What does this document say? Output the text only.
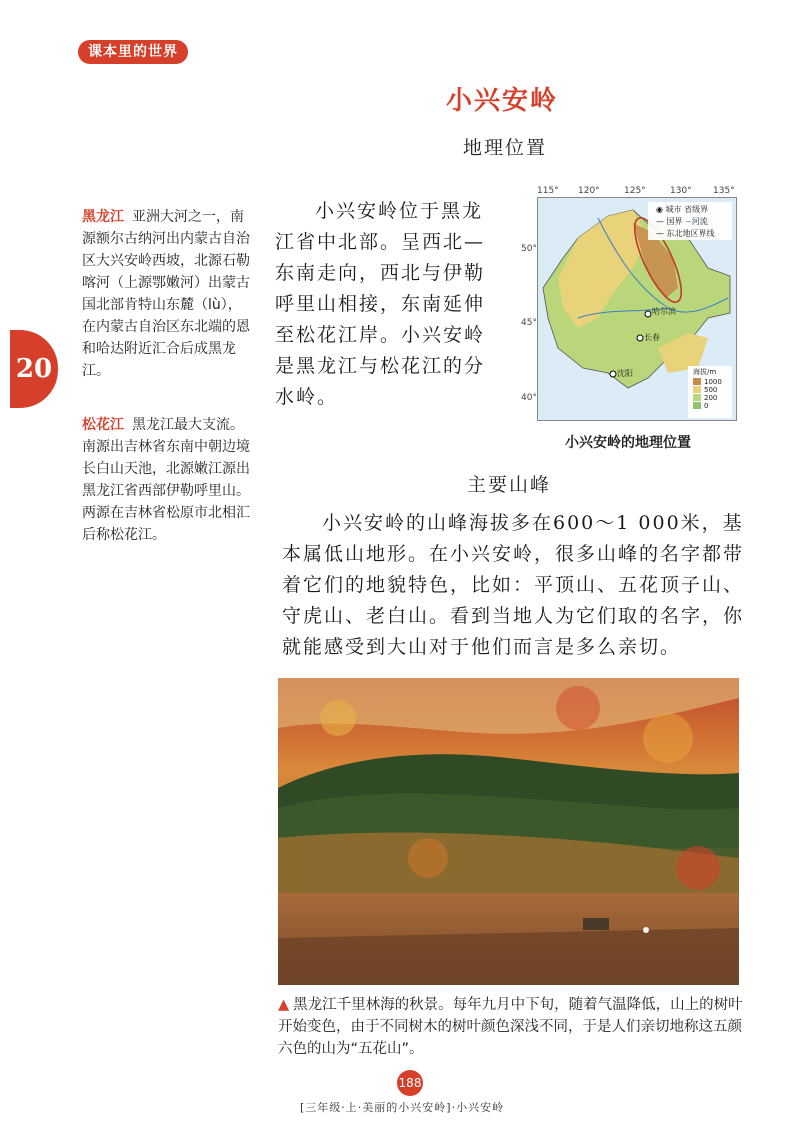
课本里的世界
小兴安岭
地理位置
20
黑龙江 亚洲大河之一，南源额尔古纳河出内蒙古自治区大兴安岭西坡，北源石勒喀河（上源鄂嫩河）出蒙古国北部肯特山东麓（lù），在内蒙古自治区东北端的恩和哈达附近汇合后成黑龙江。
松花江 黑龙江最大支流。南源出吉林省东南中朝边境长白山天池，北源嫩江源出黑龙江省西部伊勒呼里山。两源在吉林省松原市北相汇后称松花江。
小兴安岭位于黑龙江省中北部。呈西北—东南走向，西北与伊勒呼里山相接，东南延伸至松花江岸。小兴安岭是黑龙江与松花江的分水岭。
115° 120°	125°	130° 135°
50°
45°
40°
◉ 城市 省级界
— 国界 ~河流
— 东北地区界线
哈尔滨
长春
沈阳	海拔/m
1000
500
200
0
小兴安岭的地理位置
主要山峰
小兴安岭的山峰海拔多在600～1 000米，基本属低山地形。在小兴安岭，很多山峰的名字都带着它们的地貌特色，比如：平顶山、五花顶子山、守虎山、老白山。看到当地人为它们取的名字，你就能感受到大山对于他们而言是多么亲切。
▲ 黑龙江千里林海的秋景。每年九月中下旬，随着气温降低，山上的树叶开始变色，由于不同树木的树叶颜色深浅不同，于是人们亲切地称这五颜六色的山为“五花山”。
188
[三年级·上·美丽的小兴安岭]·小兴安岭
